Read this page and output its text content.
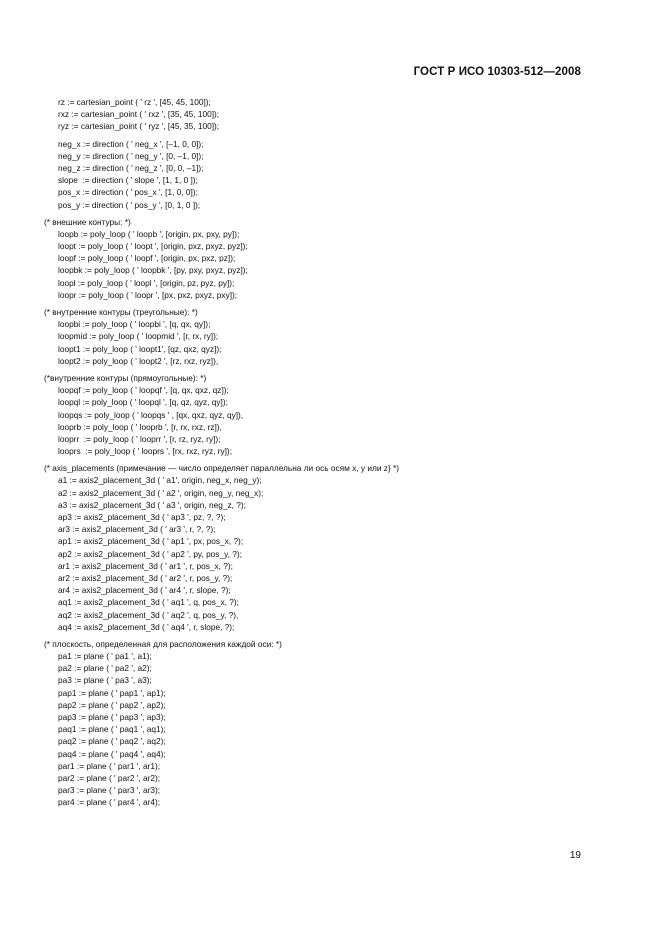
ГОСТ Р ИСО 10303-512—2008
rz := cartesian_point ( ' rz ', [45, 45, 100]);
rxz := cartesian_point ( ' rxz ', [35, 45, 100]);
ryz := cartesian_point ( ' ryz ', [45, 35, 100]);
neg_x := direction ( ' neg_x ', [–1, 0, 0]);
neg_y := direction ( ' neg_y ', [0, –1, 0]);
neg_z := direction ( ' neg_z ', [0, 0, –1]);
slope  := direction ( ' slope ', [1, 1, 0 ]);
pos_x := direction ( ' pos_x ', [1, 0, 0]);
pos_y := direction ( ' pos_y ', [0, 1, 0 ]);
(* внешние контуры: *)
loopb := poly_loop ( ' loopb ', [origin, px, pxy, py]);
loopt := poly_loop ( ' loopt ', [origin, pxz, pxyz, pyz]);
loopf := poly_loop ( ' loopf ', [origin, px, pxz, pz]);
loopbk := poly_loop ( ' loopbk ', [py, pxy, pxyz, pyz]);
loopl := poly_loop ( ' loopl ', [origin, pz, pyz, py]);
loopr := poly_loop ( ' loopr ', [px, pxz, pxyz, pxy]);
(* внутренние контуры (треугольные): *)
loopbi := poly_loop ( ' loopbi ', [q, qx, qy]);
loopmid := poly_loop ( ' loopmid ', [r, rx, ry]);
loopt1 := poly_loop ( ' loopt1', [qz, qxz, qyz]);
loopt2 := poly_loop ( ' loopt2 ', [rz, rxz, ryz]),
(*внутренние контуры (прямоугольные): *)
loopqf := poly_loop ( ' loopqf ', [q, qx, qxz, qz]);
loopql := poly_loop ( ' loopql ', [q, qz, qyz, qy]);
loopqs := poly_loop ( ' loopqs ' , [qx, qxz, qyz, qy]),
looprb := poly_loop ( ' looprb ', [r, rx, rxz, rz]),
looprr  := poly_loop ( ' looprr ', [r, rz, ryz, ry]);
looprs  := poly_loop ( ' looprs ', [rx, rxz, ryz, ry]);
(* axis_placements (примечание — число определяет параллельна ли ось осям x, y или z} *)
a1 := axis2_placement_3d ( ' a1', origin, neg_x, neg_y);
a2 := axis2_placement_3d ( ' a2 ', origin, neg_y, neg_x);
a3 := axis2_placement_3d ( ' a3 ', origin, neg_z, ?);
ap3 := axis2_placement_3d ( ' ap3 ', pz, ?, ?);
ar3 := axis2_placement_3d ( ' ar3 ', r, ?, ?);
ap1 := axis2_placement_3d ( ' ap1 ', px, pos_x, ?);
ap2 := axis2_placement_3d ( ' ap2 ', py, pos_y, ?);
ar1 := axis2_placement_3d ( ' ar1 ', r, pos_x, ?);
ar2 := axis2_placement_3d ( ' ar2 ', r, pos_y, ?);
ar4 := axis2_placement_3d ( ' ar4 ', r, slope, ?);
aq1 := axis2_placement_3d ( ' aq1 ', q, pos_x, ?);
aq2 := axis2_placement_3d ( ' aq2 ', q, pos_y, ?),
aq4 := axis2_placement_3d ( ' aq4 ', r, slope, ?);
(* плоскость, определенная для расположения каждой оси: *)
pa1 := plane ( ' pa1 ', a1);
pa2 := plane ( ' pa2 ', a2);
pa3 := plane ( ' pa3 ', a3);
pap1 := plane ( ' pap1 ', ap1);
pap2 := plane ( ' pap2 ', ap2);
pap3 := plane ( ' pap3 ', ap3);
paq1 := plane ( ' paq1 ', aq1);
paq2 := plane ( ' paq2 ', aq2);
paq4 := plane ( ' paq4 ', aq4);
par1 := plane ( ' par1 ', ar1);
par2 := plane ( ' par2 ', ar2);
par3 := plane ( ' par3 ', ar3);
par4 := plane ( ' par4 ', ar4);
19
